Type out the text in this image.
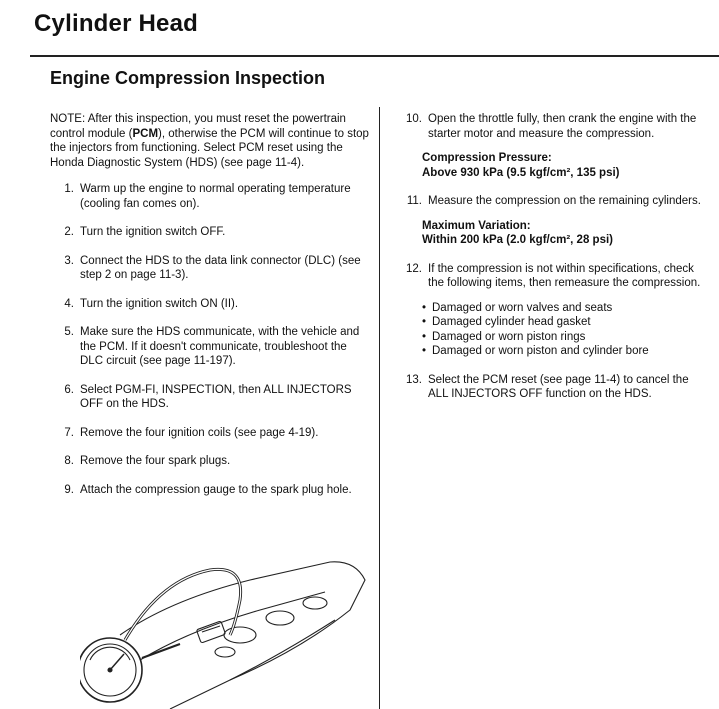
Cylinder Head
Engine Compression Inspection

NOTE: After this inspection, you must reset the powertrain control module (PCM), otherwise the PCM will continue to stop the injectors from functioning. Select PCM reset using the Honda Diagnostic System (HDS) (see page 11-4).

1. Warm up the engine to normal operating temperature (cooling fan comes on).
2. Turn the ignition switch OFF.
3. Connect the HDS to the data link connector (DLC) (see step 2 on page 11-3).
4. Turn the ignition switch ON (II).
5. Make sure the HDS communicate, with the vehicle and the PCM. If it doesn't communicate, troubleshoot the DLC circuit (see page 11-197).
6. Select PGM-FI, INSPECTION, then ALL INJECTORS OFF on the HDS.
7. Remove the four ignition coils (see page 4-19).
8. Remove the four spark plugs.
9. Attach the compression gauge to the spark plug hole.
10. Open the throttle fully, then crank the engine with the starter motor and measure the compression.
Compression Pressure:
Above 930 kPa (9.5 kgf/cm², 135 psi)
11. Measure the compression on the remaining cylinders.
Maximum Variation:
Within 200 kPa (2.0 kgf/cm², 28 psi)
12. If the compression is not within specifications, check the following items, then remeasure the compression.
• Damaged or worn valves and seats
• Damaged cylinder head gasket
• Damaged or worn piston rings
• Damaged or worn piston and cylinder bore
13. Select the PCM reset (see page 11-4) to cancel the ALL INJECTORS OFF function on the HDS.
